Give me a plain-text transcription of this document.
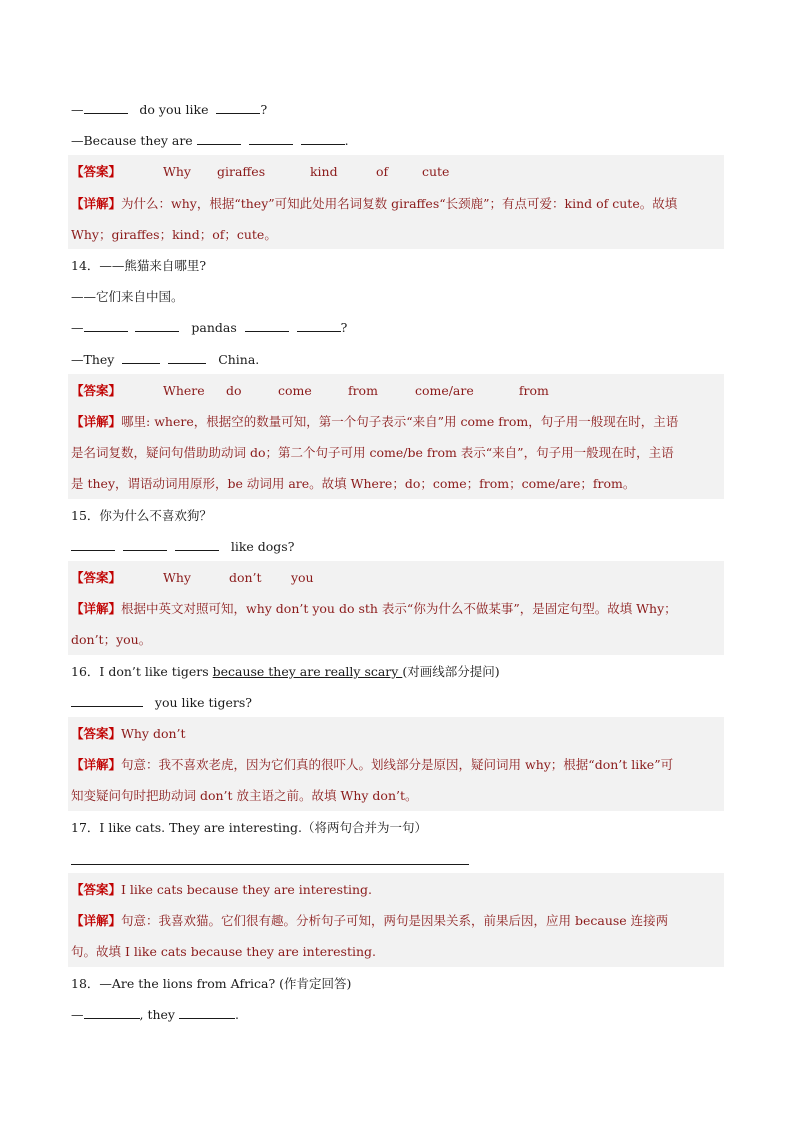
—	do you like	?
—Because they are	.
【答案】	Why giraffes	kind	of	cute
【详解】为什么：why，根据“they”可知此处用名词复数 giraffes“长颈鹿”；有点可爱：kind of cute。故填
Why；giraffes；kind；of；cute。
14．——熊猫来自哪里?
——它们来自中国。
—	pandas	?
—They	China.
【答案】	Where do	come	from	come/are	from
【详解】哪里: where，根据空的数量可知，第一个句子表示“来自”用 come from，句子用一般现在时，主语
是名词复数，疑问句借助助动词 do；第二个句子可用 come/be from 表示“来自”，句子用一般现在时，主语
是 they，谓语动词用原形，be 动词用 are。故填 Where；do；come；from；come/are；from。
15．你为什么不喜欢狗？
like dogs?
【答案】	Why	don’t you
【详解】根据中英文对照可知，why don’t you do sth 表示“你为什么不做某事”，是固定句型。故填 Why；
don’t；you。
16．I don’t like tigers because they are really scary (对画线部分提问)
you like tigers?
【答案】Why don’t
【详解】句意：我不喜欢老虎，因为它们真的很吓人。划线部分是原因，疑问词用 why；根据“don’t like”可
知变疑问句时把助动词 don’t 放主语之前。故填 Why don’t。
17．I like cats. They are interesting.（将两句合并为一句）
【答案】I like cats because they are interesting.
【详解】句意：我喜欢猫。它们很有趣。分析句子可知，两句是因果关系，前果后因，应用 because 连接两
句。故填 I like cats because they are interesting.
18．—Are the lions from Africa? (作肯定回答)
—	, they	.
